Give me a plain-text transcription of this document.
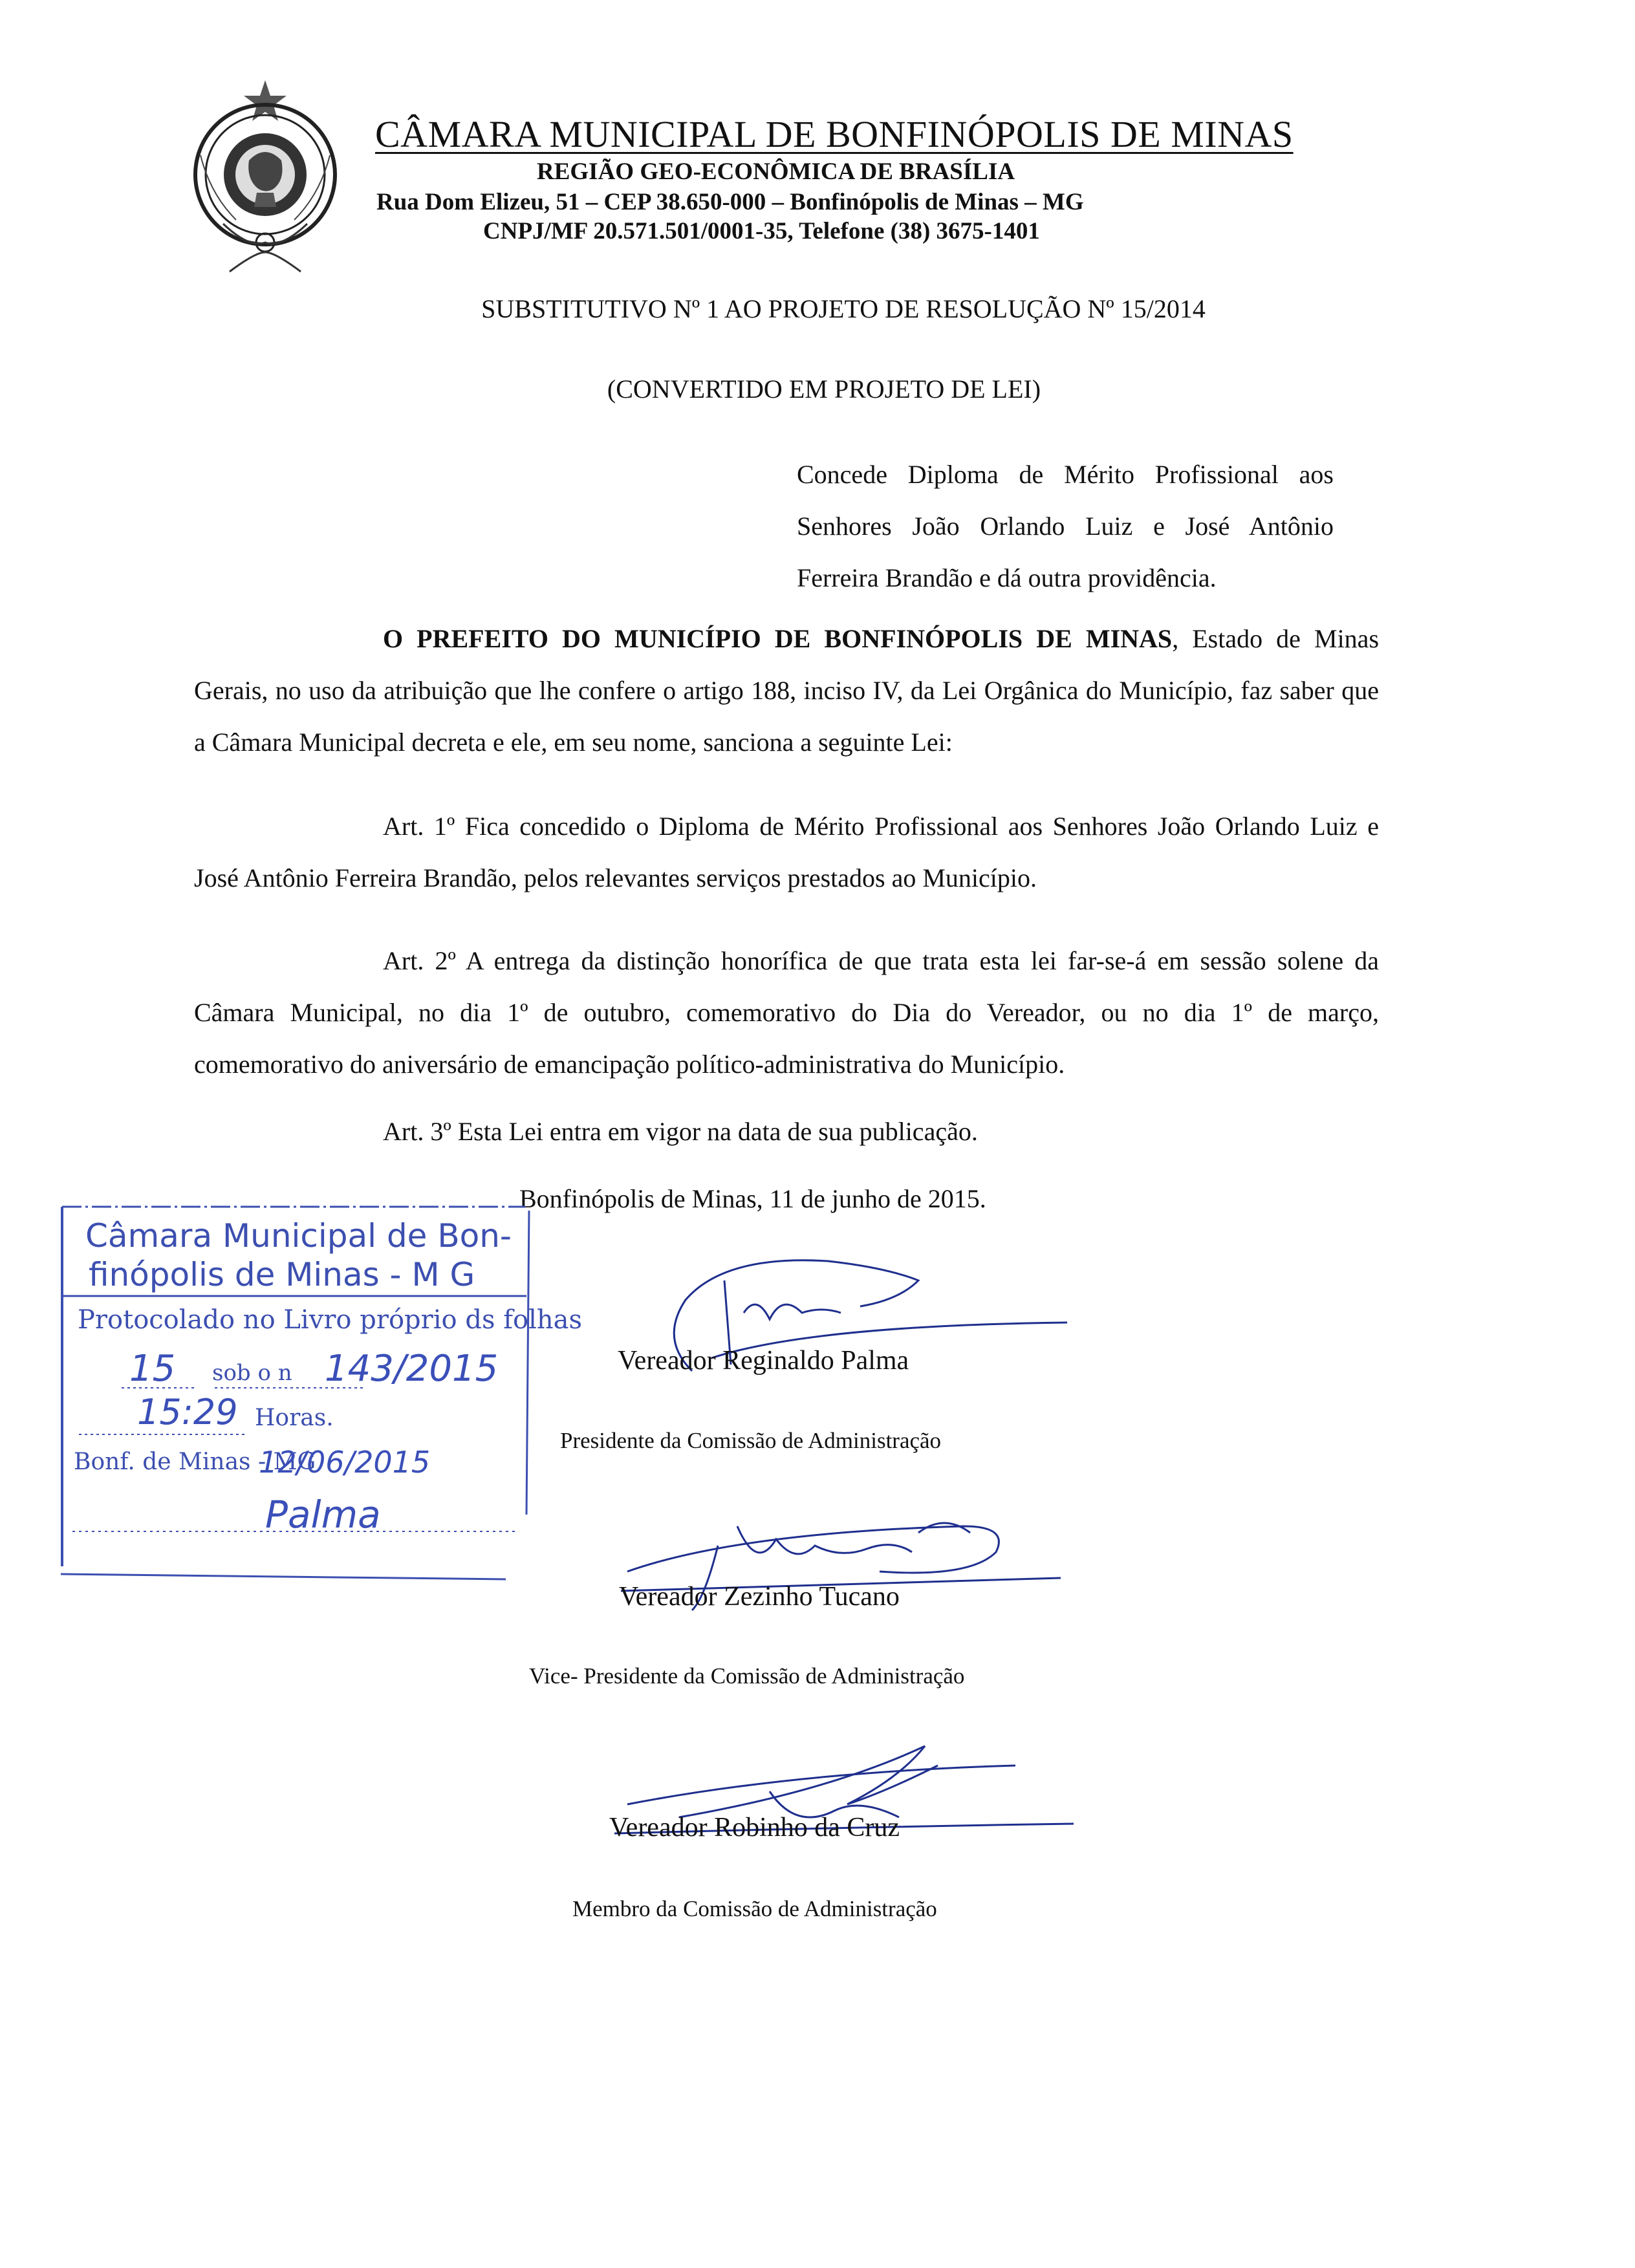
CÂMARA MUNICIPAL DE BONFINÓPOLIS DE MINAS
REGIÃO GEO-ECONÔMICA DE BRASÍLIA
Rua Dom Elizeu, 51 – CEP 38.650-000 – Bonfinópolis de Minas – MG
CNPJ/MF 20.571.501/0001-35, Telefone (38) 3675-1401
SUBSTITUTIVO Nº 1 AO PROJETO DE RESOLUÇÃO Nº 15/2014
(CONVERTIDO EM PROJETO DE LEI)
Concede Diploma de Mérito Profissional aos Senhores João Orlando Luiz e José Antônio Ferreira Brandão e dá outra providência.
O PREFEITO DO MUNICÍPIO DE BONFINÓPOLIS DE MINAS, Estado de Minas Gerais, no uso da atribuição que lhe confere o artigo 188, inciso IV, da Lei Orgânica do Município, faz saber que a Câmara Municipal decreta e ele, em seu nome, sanciona a seguinte Lei:
Art. 1º Fica concedido o Diploma de Mérito Profissional aos Senhores João Orlando Luiz e José Antônio Ferreira Brandão, pelos relevantes serviços prestados ao Município.
Art. 2º A entrega da distinção honorífica de que trata esta lei far-se-á em sessão solene da Câmara Municipal, no dia 1º de outubro, comemorativo do Dia do Vereador, ou no dia 1º de março, comemorativo do aniversário de emancipação político-administrativa do Município.
Art. 3º Esta Lei entra em vigor na data de sua publicação.
Bonfinópolis de Minas, 11 de junho de 2015.
Câmara Municipal de Bon-
finópolis de Minas - M G
Protocolado no Livro próprio ds folhas
sob o n
Horas.
Bonf. de Minas - MG
15	143/2015
15:29
12/06/2015
Palma
Vereador Reginaldo Palma
Presidente da Comissão de Administração
Vereador Zezinho Tucano
Vice- Presidente da Comissão de Administração
Vereador Robinho da Cruz
Membro da Comissão de Administração
